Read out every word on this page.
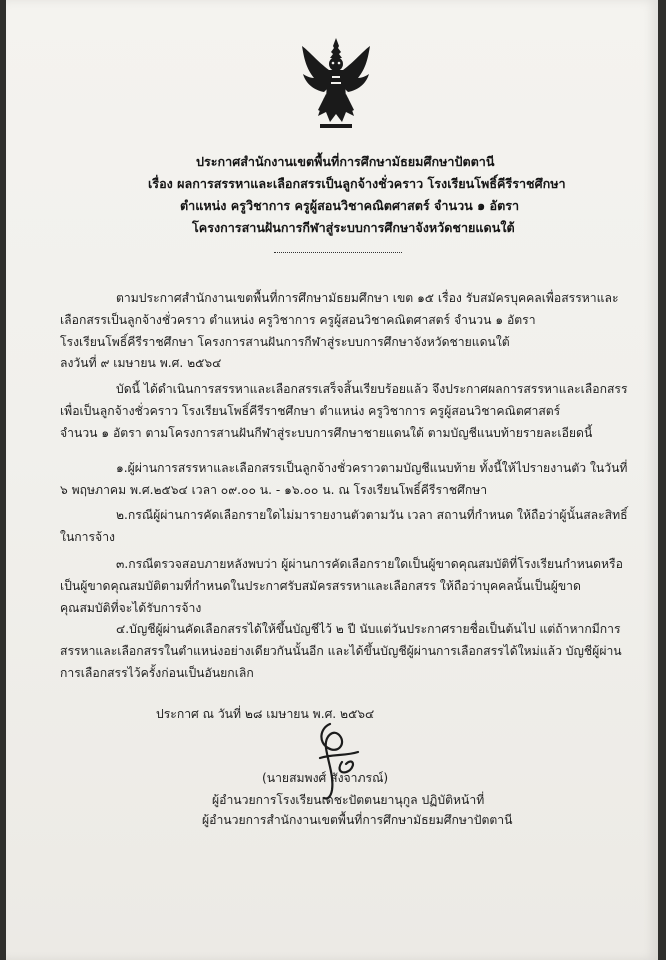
ประกาศสำนักงานเขตพื้นที่การศึกษามัธยมศึกษาปัตตานี

เรื่อง ผลการสรรหาและเลือกสรรเป็นลูกจ้างชั่วคราว โรงเรียนโพธิ์คีรีราชศึกษา

ตำแหน่ง ครูวิชาการ ครูผู้สอนวิชาคณิตศาสตร์ จำนวน ๑ อัตรา

โครงการสานฝันการกีฬาสู่ระบบการศึกษาจังหวัดชายแดนใต้

ตามประกาศสำนักงานเขตพื้นที่การศึกษามัธยมศึกษา เขต ๑๕ เรื่อง รับสมัครบุคคลเพื่อสรรหาและ

เลือกสรรเป็นลูกจ้างชั่วคราว ตำแหน่ง ครูวิชาการ ครูผู้สอนวิชาคณิตศาสตร์ จำนวน ๑ อัตรา

โรงเรียนโพธิ์คีรีราชศึกษา โครงการสานฝันการกีฬาสู่ระบบการศึกษาจังหวัดชายแดนใต้

ลงวันที่ ๙ เมษายน พ.ศ. ๒๕๖๔

บัดนี้ ได้ดำเนินการสรรหาและเลือกสรรเสร็จสิ้นเรียบร้อยแล้ว จึงประกาศผลการสรรหาและเลือกสรร

เพื่อเป็นลูกจ้างชั่วคราว โรงเรียนโพธิ์คีรีราชศึกษา ตำแหน่ง ครูวิชาการ ครูผู้สอนวิชาคณิตศาสตร์

จำนวน ๑ อัตรา ตามโครงการสานฝันกีฬาสู่ระบบการศึกษาชายแดนใต้ ตามบัญชีแนบท้ายรายละเอียดนี้

๑.ผู้ผ่านการสรรหาและเลือกสรรเป็นลูกจ้างชั่วคราวตามบัญชีแนบท้าย ทั้งนี้ให้ไปรายงานตัว ในวันที่

๖ พฤษภาคม พ.ศ.๒๕๖๔ เวลา ๐๙.๐๐ น. - ๑๖.๐๐ น. ณ โรงเรียนโพธิ์คีรีราชศึกษา

๒.กรณีผู้ผ่านการคัดเลือกรายใดไม่มารายงานตัวตามวัน เวลา สถานที่กำหนด ให้ถือว่าผู้นั้นสละสิทธิ์

ในการจ้าง

๓.กรณีตรวจสอบภายหลังพบว่า ผู้ผ่านการคัดเลือกรายใดเป็นผู้ขาดคุณสมบัติที่โรงเรียนกำหนดหรือ

เป็นผู้ขาดคุณสมบัติตามที่กำหนดในประกาศรับสมัครสรรหาและเลือกสรร ให้ถือว่าบุคคลนั้นเป็นผู้ขาด

คุณสมบัติที่จะได้รับการจ้าง

๔.บัญชีผู้ผ่านคัดเลือกสรรได้ให้ขึ้นบัญชีไว้ ๒ ปี นับแต่วันประกาศรายชื่อเป็นต้นไป แต่ถ้าหากมีการ

สรรหาและเลือกสรรในตำแหน่งอย่างเดียวกันนั้นอีก และได้ขึ้นบัญชีผู้ผ่านการเลือกสรรได้ใหม่แล้ว บัญชีผู้ผ่าน

การเลือกสรรไว้ครั้งก่อนเป็นอันยกเลิก

ประกาศ ณ วันที่ ๒๘ เมษายน พ.ศ. ๒๕๖๔

(นายสมพงศ์ สังจาภรณ์)

ผู้อำนวยการโรงเรียนเดชะปัตตนยานุกูล ปฏิบัติหน้าที่

ผู้อำนวยการสำนักงานเขตพื้นที่การศึกษามัธยมศึกษาปัตตานี
